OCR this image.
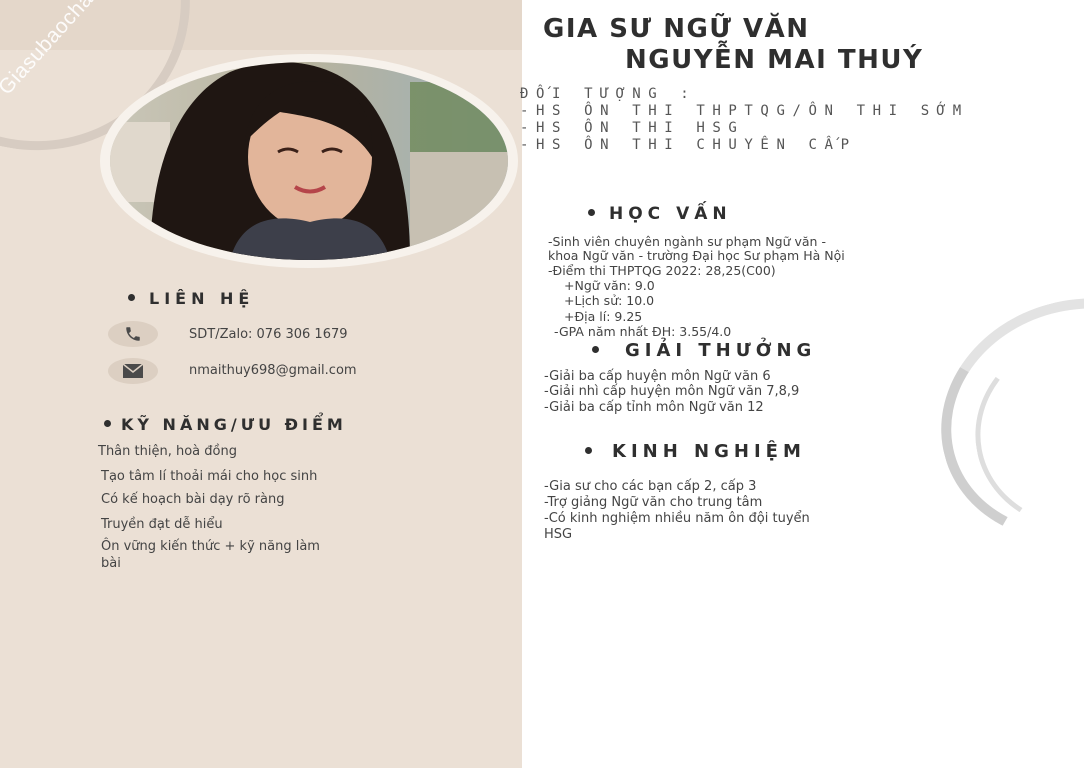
GIA SƯ NGỮ VĂN
NGUYỄN MAI THUÝ
ĐỐI TƯỢNG :
-HS ÔN THI THPTQG/ÔN THI SỚM
-HS ÔN THI HSG
-HS ÔN THI CHUYÊN CẤP
LIÊN HỆ
SDT/Zalo: 076 306 1679
nmaithuy698@gmail.com
KỸ NĂNG/ƯU ĐIỂM
Thân thiện, hoà đồng
Tạo tâm lí thoải mái cho học sinh
Có kế hoạch bài dạy rõ ràng
Truyền đạt dễ hiểu
Ôn vững kiến thức + kỹ năng làm
bài
HỌC VẤN
-Sinh viên chuyên ngành sư phạm Ngữ văn -
khoa Ngữ văn - trường Đại học Sư phạm Hà Nội
-Điểm thi THPTQG 2022: 28,25(C00)
+Ngữ văn: 9.0
+Lịch sử: 10.0
+Địa lí: 9.25
-GPA năm nhất ĐH: 3.55/4.0
GIẢI THƯỞNG
-Giải ba cấp huyện môn Ngữ văn 6
-Giải nhì cấp huyện môn Ngữ văn 7,8,9
-Giải ba cấp tỉnh môn Ngữ văn 12
KINH NGHIỆM
-Gia sư cho các bạn cấp 2, cấp 3
-Trợ giảng Ngữ văn cho trung tâm
-Có kinh nghiệm nhiều năm ôn đội tuyển
HSG
